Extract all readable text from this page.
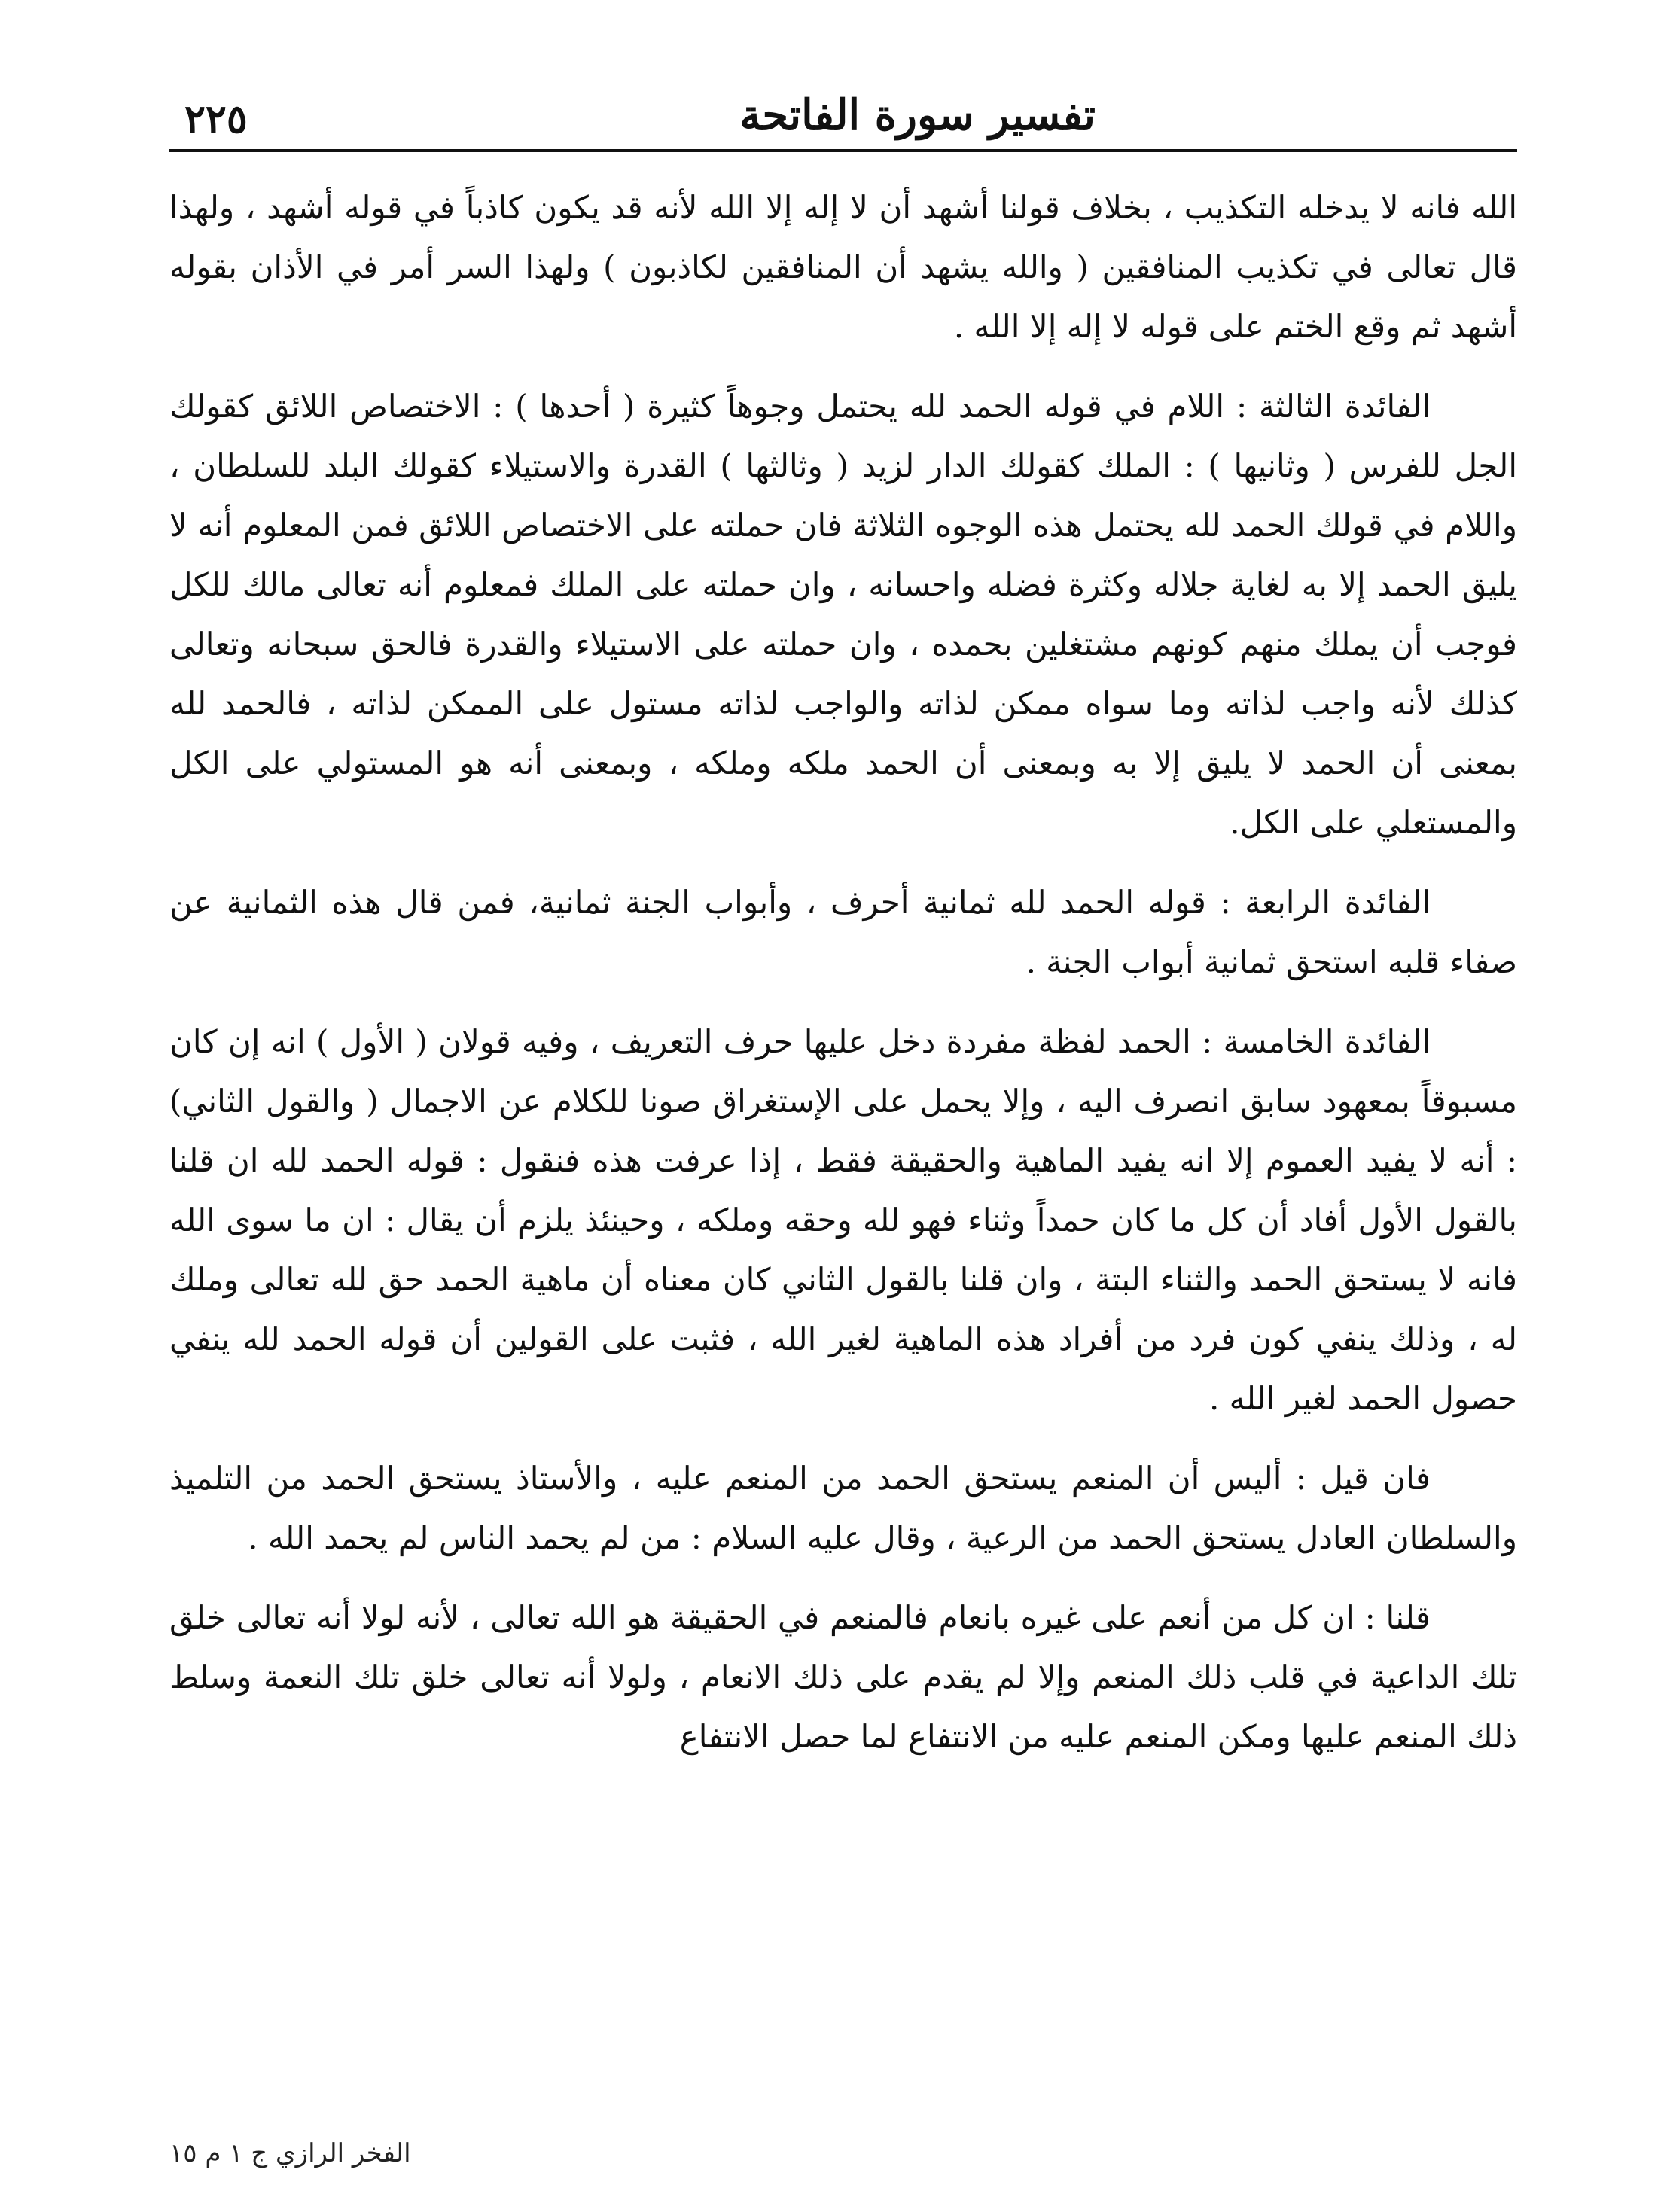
تفسير سورة الفاتحة
٢٢٥

الله فانه لا يدخله التكذيب ، بخلاف قولنا أشهد أن لا إله إلا الله لأنه قد يكون كاذباً في قوله أشهد ، ولهذا قال تعالى في تكذيب المنافقين ( والله يشهد أن المنافقين لكاذبون ) ولهذا السر أمر في الأذان بقوله أشهد ثم وقع الختم على قوله لا إله إلا الله .

الفائدة الثالثة : اللام في قوله الحمد لله يحتمل وجوهاً كثيرة ( أحدها ) : الاختصاص اللائق كقولك الجل للفرس ( وثانيها ) : الملك كقولك الدار لزيد ( وثالثها ) القدرة والاستيلاء كقولك البلد للسلطان ، واللام في قولك الحمد لله يحتمل هذه الوجوه الثلاثة فان حملته على الاختصاص اللائق فمن المعلوم أنه لا يليق الحمد إلا به لغاية جلاله وكثرة فضله واحسانه ، وان حملته على الملك فمعلوم أنه تعالى مالك للكل فوجب أن يملك منهم كونهم مشتغلين بحمده ، وان حملته على الاستيلاء والقدرة فالحق سبحانه وتعالى كذلك لأنه واجب لذاته وما سواه ممكن لذاته والواجب لذاته مستول على الممكن لذاته ، فالحمد لله بمعنى أن الحمد لا يليق إلا به وبمعنى أن الحمد ملكه وملكه ، وبمعنى أنه هو المستولي على الكل والمستعلي على الكل.

الفائدة الرابعة : قوله الحمد لله ثمانية أحرف ، وأبواب الجنة ثمانية، فمن قال هذه الثمانية عن صفاء قلبه استحق ثمانية أبواب الجنة .

الفائدة الخامسة : الحمد لفظة مفردة دخل عليها حرف التعريف ، وفيه قولان ( الأول ) انه إن كان مسبوقاً بمعهود سابق انصرف اليه ، وإلا يحمل على الإستغراق صونا للكلام عن الاجمال ( والقول الثاني) : أنه لا يفيد العموم إلا انه يفيد الماهية والحقيقة فقط ، إذا عرفت هذه فنقول : قوله الحمد لله ان قلنا بالقول الأول أفاد أن كل ما كان حمداً وثناء فهو لله وحقه وملكه ، وحينئذ يلزم أن يقال : ان ما سوى الله فانه لا يستحق الحمد والثناء البتة ، وان قلنا بالقول الثاني كان معناه أن ماهية الحمد حق لله تعالى وملك له ، وذلك ينفي كون فرد من أفراد هذه الماهية لغير الله ، فثبت على القولين أن قوله الحمد لله ينفي حصول الحمد لغير الله .

فان قيل : أليس أن المنعم يستحق الحمد من المنعم عليه ، والأستاذ يستحق الحمد من التلميذ والسلطان العادل يستحق الحمد من الرعية ، وقال عليه السلام : من لم يحمد الناس لم يحمد الله .

قلنا : ان كل من أنعم على غيره بانعام فالمنعم في الحقيقة هو الله تعالى ، لأنه لولا أنه تعالى خلق تلك الداعية في قلب ذلك المنعم وإلا لم يقدم على ذلك الانعام ، ولولا أنه تعالى خلق تلك النعمة وسلط ذلك المنعم عليها ومكن المنعم عليه من الانتفاع لما حصل الانتفاع

الفخر الرازي ج ١ م ١٥
